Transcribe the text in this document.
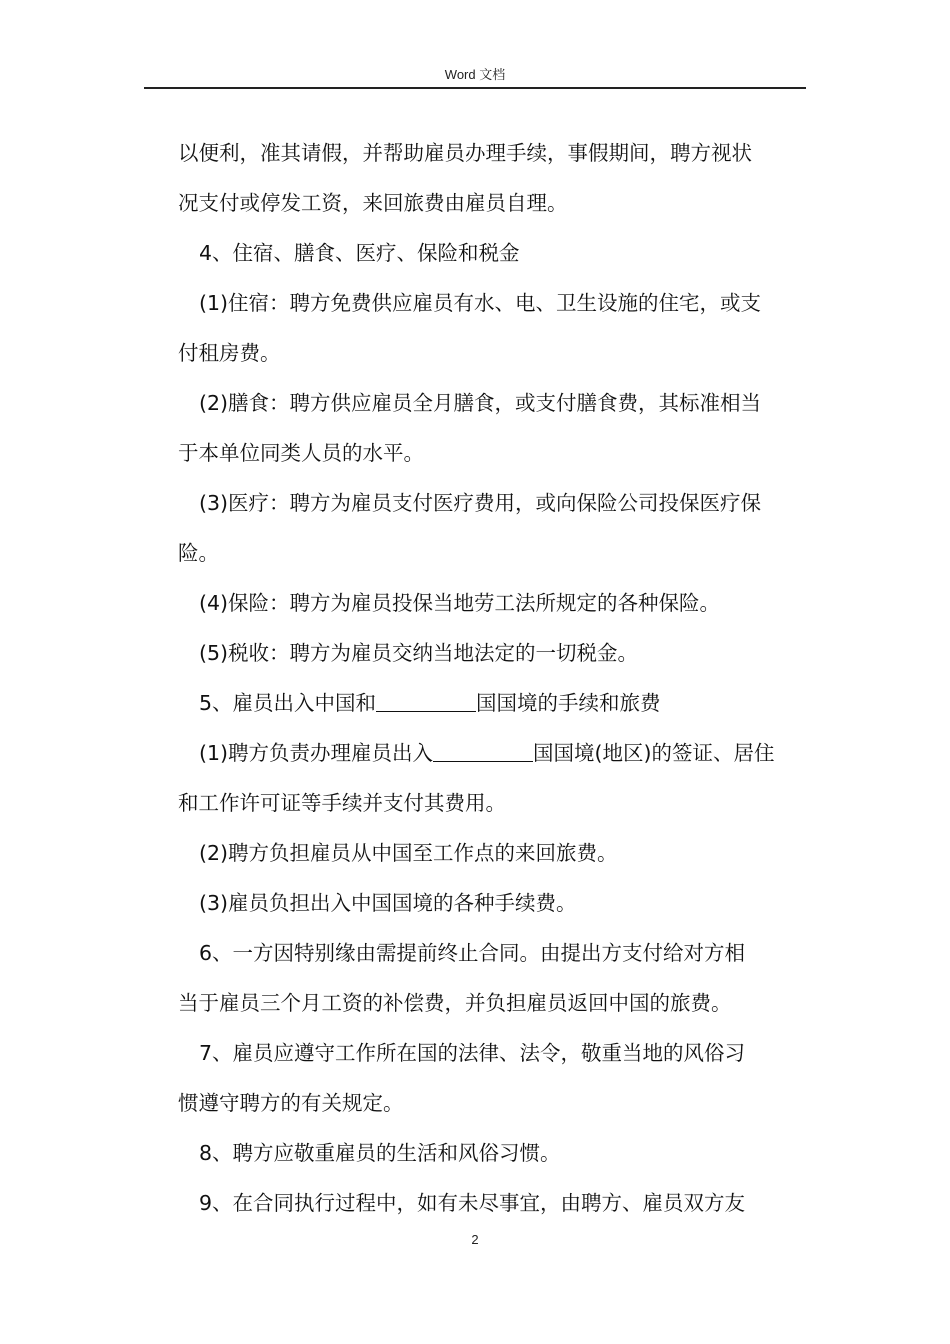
Word 文档
以便利，准其请假，并帮助雇员办理手续，事假期间，聘方视状
况支付或停发工资，来回旅费由雇员自理。
4、住宿、膳食、医疗、保险和税金
(1)住宿：聘方免费供应雇员有水、电、卫生设施的住宅，或支
付租房费。
(2)膳食：聘方供应雇员全月膳食，或支付膳食费，其标准相当
于本单位同类人员的水平。
(3)医疗：聘方为雇员支付医疗费用，或向保险公司投保医疗保
险。
(4)保险：聘方为雇员投保当地劳工法所规定的各种保险。
(5)税收：聘方为雇员交纳当地法定的一切税金。
5、雇员出入中国和	国国境的手续和旅费
(1)聘方负责办理雇员出入	国国境(地区)的签证、居住
和工作许可证等手续并支付其费用。
(2)聘方负担雇员从中国至工作点的来回旅费。
(3)雇员负担出入中国国境的各种手续费。
6、一方因特别缘由需提前终止合同。由提出方支付给对方相
当于雇员三个月工资的补偿费，并负担雇员返回中国的旅费。
7、雇员应遵守工作所在国的法律、法令，敬重当地的风俗习
惯遵守聘方的有关规定。
8、聘方应敬重雇员的生活和风俗习惯。
9、在合同执行过程中，如有未尽事宜，由聘方、雇员双方友
2
